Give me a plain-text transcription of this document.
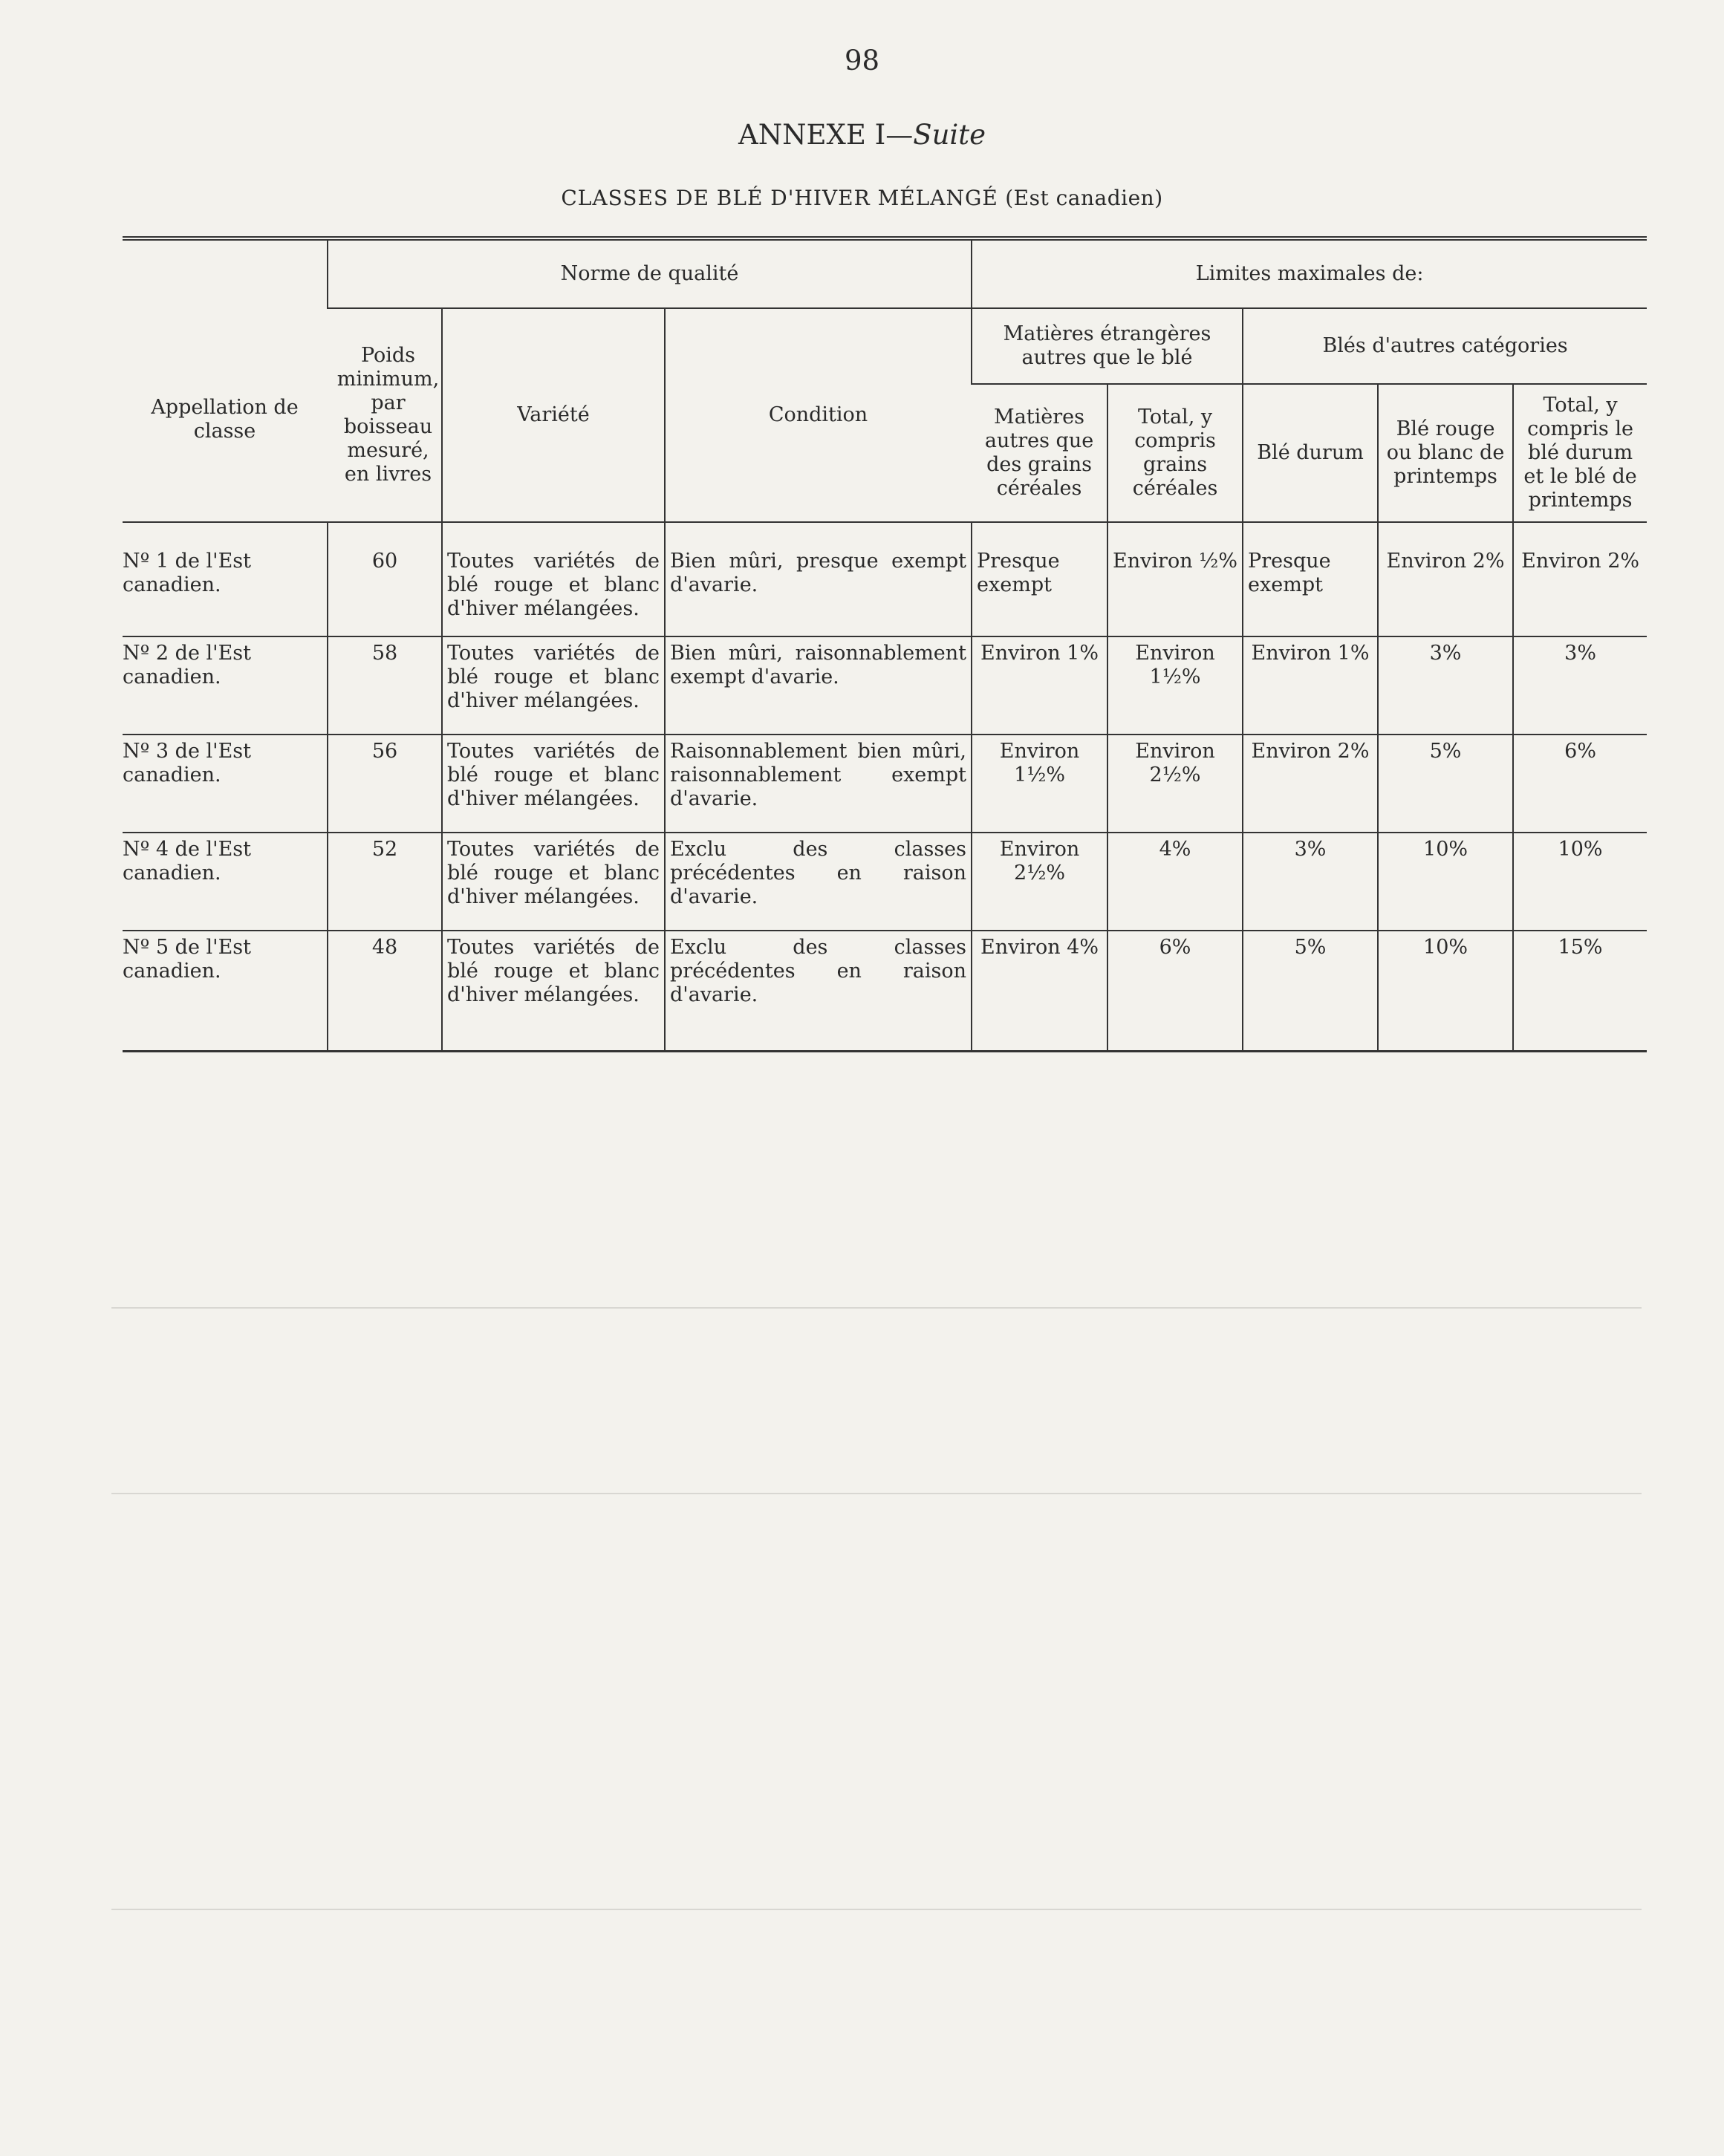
98
ANNEXE I—Suite
CLASSES DE BLÉ D'HIVER MÉLANGÉ (Est canadien)
Appellation de classe	Norme de qualité			Limites maximales de:				
	Poids minimum, par boisseau mesuré, en livres	Variété	Condition	Matières étrangères autres que le blé		Blés d'autres catégories		
				Matières autres que des grains céréales	Total, y compris grains céréales	Blé durum	Blé rouge ou blanc de printemps	Total, y compris le blé durum et le blé de printemps
Nº 1 de l'Est canadien.	60	Toutes variétés de blé rouge et blanc d'hiver mélangées.	Bien mûri, presque exempt d'avarie.	Presque exempt	Environ ½%	Presque exempt	Environ 2%	Environ 2%
Nº 2 de l'Est canadien.	58	Toutes variétés de blé rouge et blanc d'hiver mélangées.	Bien mûri, raisonnablement exempt d'avarie.	Environ 1%	Environ 1½%	Environ 1%	3%	3%
Nº 3 de l'Est canadien.	56	Toutes variétés de blé rouge et blanc d'hiver mélangées.	Raisonnablement bien mûri, raisonnablement exempt d'avarie.	Environ 1½%	Environ 2½%	Environ 2%	5%	6%
Nº 4 de l'Est canadien.	52	Toutes variétés de blé rouge et blanc d'hiver mélangées.	Exclu des classes précédentes en raison d'avarie.	Environ 2½%	4%	3%	10%	10%
Nº 5 de l'Est canadien.	48	Toutes variétés de blé rouge et blanc d'hiver mélangées.	Exclu des classes précédentes en raison d'avarie.	Environ 4%	6%	5%	10%	15%
